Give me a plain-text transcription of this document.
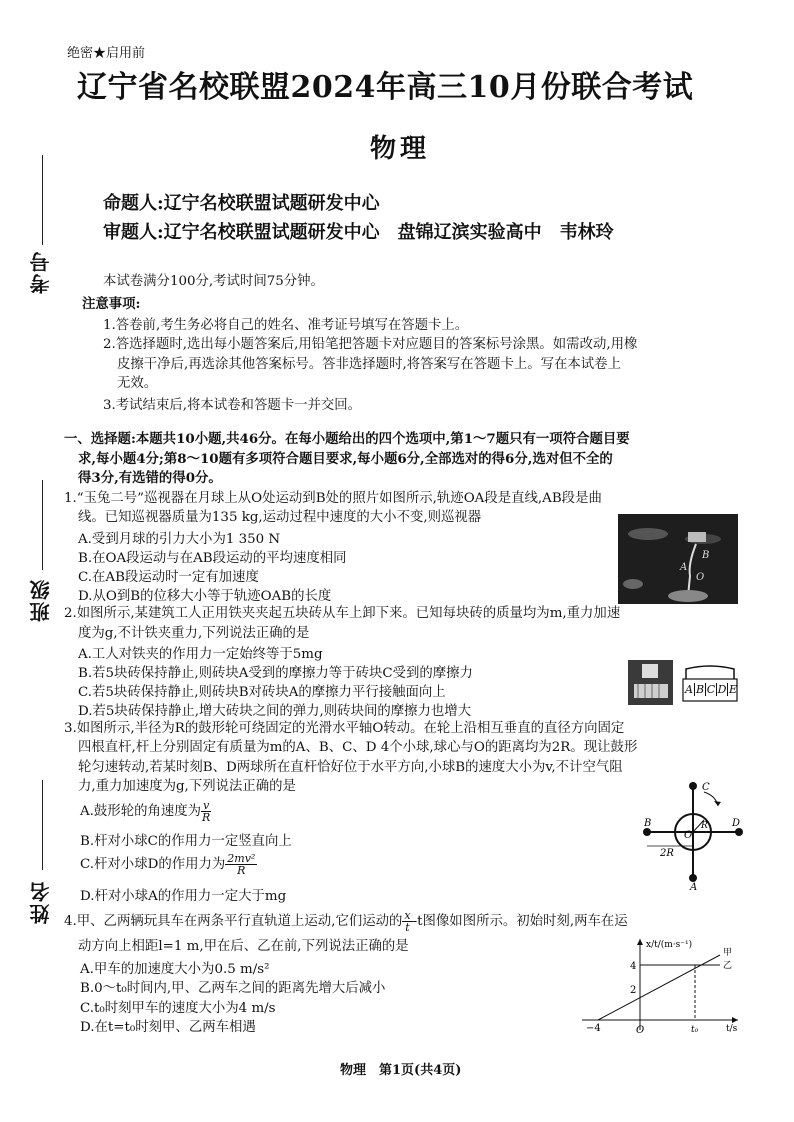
绝密★启用前
辽宁省名校联盟2024年高三10月份联合考试
物理
命题人:辽宁名校联盟试题研发中心
审题人:辽宁名校联盟试题研发中心　盘锦辽滨实验高中　韦林玲
考号
班级
姓名
本试卷满分100分,考试时间75分钟。
注意事项:
1.答卷前,考生务必将自己的姓名、准考证号填写在答题卡上。
2.答选择题时,选出每小题答案后,用铅笔把答题卡对应题目的答案标号涂黑。如需改动,用橡
皮擦干净后,再选涂其他答案标号。答非选择题时,将答案写在答题卡上。写在本试卷上
无效。
3.考试结束后,将本试卷和答题卡一并交回。
一、选择题:本题共10小题,共46分。在每小题给出的四个选项中,第1～7题只有一项符合题目要
求,每小题4分;第8～10题有多项符合题目要求,每小题6分,全部选对的得6分,选对但不全的
得3分,有选错的得0分。
1.“玉兔二号”巡视器在月球上从O处运动到B处的照片如图所示,轨迹OA段是直线,AB段是曲
线。已知巡视器质量为135 kg,运动过程中速度的大小不变,则巡视器
A.受到月球的引力大小为1 350 N
B.在OA段运动与在AB段运动的平均速度相同
C.在AB段运动时一定有加速度
D.从O到B的位移大小等于轨迹OAB的长度
B
A
O
2.如图所示,某建筑工人正用铁夹夹起五块砖从车上卸下来。已知每块砖的质量均为m,重力加速
度为g,不计铁夹重力,下列说法正确的是
A.工人对铁夹的作用力一定始终等于5mg
B.若5块砖保持静止,则砖块A受到的摩擦力等于砖块C受到的摩擦力
C.若5块砖保持静止,则砖块B对砖块A的摩擦力平行接触面向上
D.若5块砖保持静止,增大砖块之间的弹力,则砖块间的摩擦力也增大
A B C D E
3.如图所示,半径为R的鼓形轮可绕固定的光滑水平轴O转动。在轮上沿相互垂直的直径方向固定
四根直杆,杆上分别固定有质量为m的A、B、C、D 4个小球,球心与O的距离均为2R。现让鼓形
轮匀速转动,若某时刻B、D两球所在直杆恰好位于水平方向,小球B的速度大小为v,不计空气阻
力,重力加速度为g,下列说法正确的是
A.鼓形轮的角速度为 $\frac{v}{R}$
B.杆对小球C的作用力一定竖直向上
C.杆对小球D的作用力为 $\frac{\text{2mv²}}{R}$
D.杆对小球A的作用力一定大于mg
C
B
O
R D
A
2R
4.甲、乙两辆玩具车在两条平行直轨道上运动,它们运动的 $\frac{x}{t}-t$图像如图所示。初始时刻,两车在运
动方向上相距l=1 m,甲在后、乙在前,下列说法正确的是
A.甲车的加速度大小为0.5 m/s²
B.0～t₀时间内,甲、乙两车之间的距离先增大后减小
C.t₀时刻甲车的速度大小为4 m/s
D.在t=t₀时刻甲、乙两车相遇
x/t/(m·s⁻¹)
t/s
4
2
−4	O	t₀
甲
乙
物理　第1页(共4页)
